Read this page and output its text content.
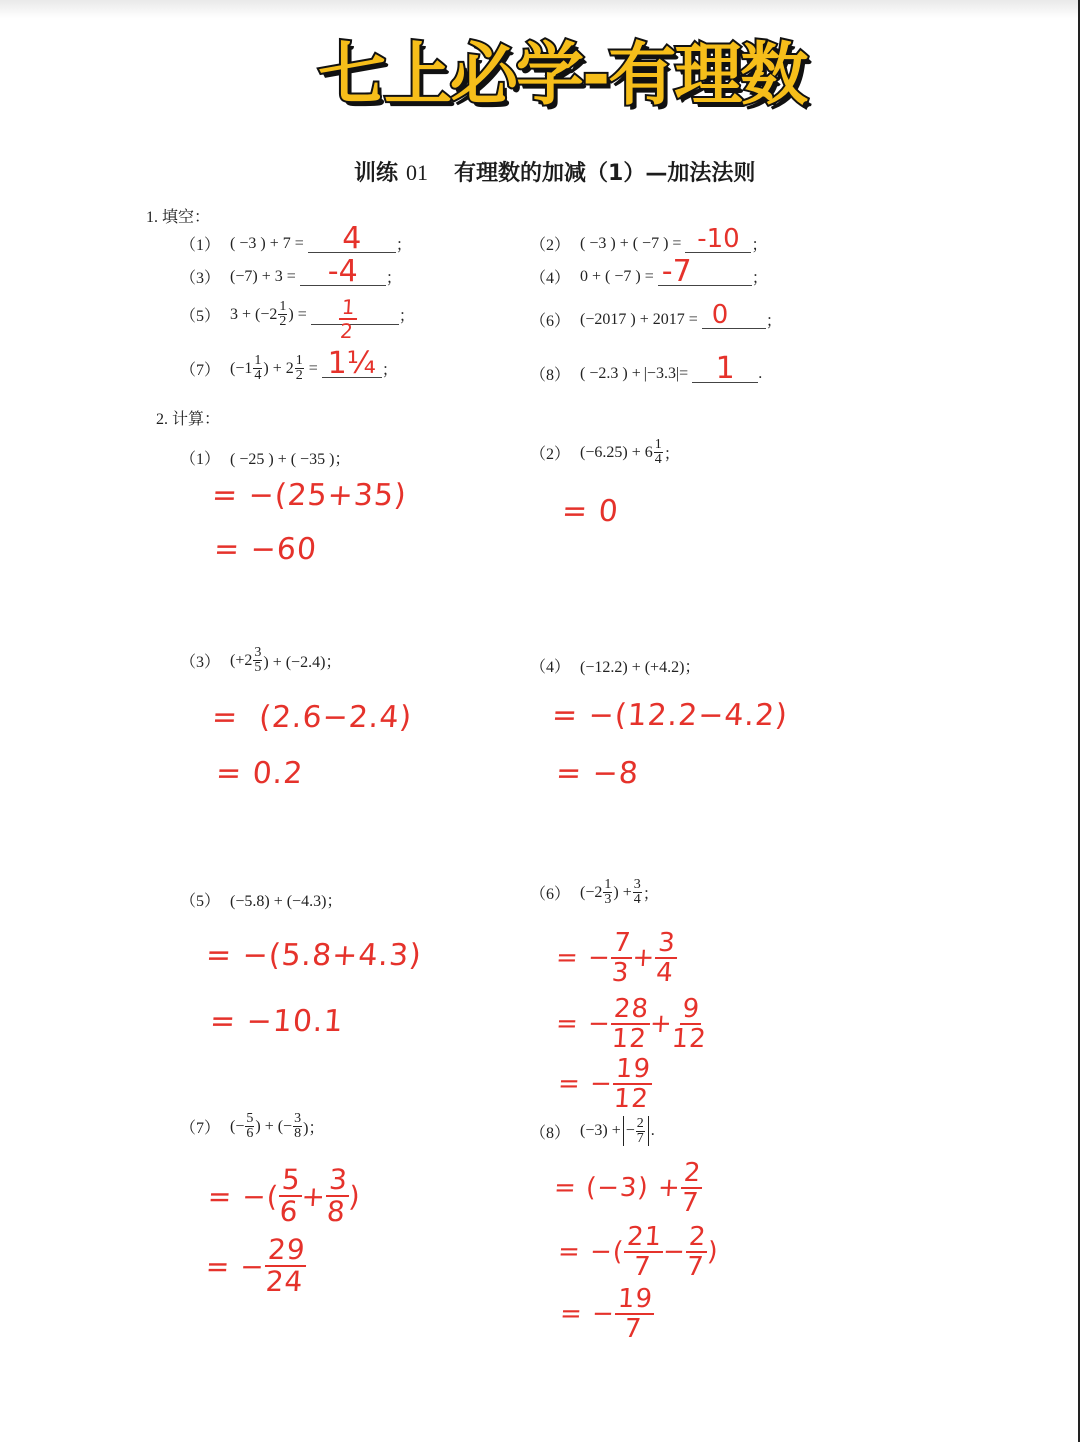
七上必学-有理数
训练 01 有理数的加减（1）—加法法则
1. 填空：
（1） ( −3 ) + 7 =	4	；	（2） ( −3 ) + ( −7 ) = -10 ；
（3） (−7) + 3 =	-4	；	（4） 0 + ( −7 ) = -7	；
（5） $3 + (-2 \frac{1}{2}$ ) = $\frac{1}{2}$	；	（6） (−2017 ) + 2017 = 0	；
（7） ($-1 \frac{1}{4}$ ) + $2 \frac{1}{2}$ = 1¼ ；	（8） ( −2.3 ) + |−3.3| = 1	.
2. 计算：
（1） ( −25 ) + ( −35 )；
= −(25+35)
= −60
（2） $(-6.25) + 6 \frac{1}{4}$ ；
= 0
（3） ($+2 \frac{3}{5}$ ) + (−2.4)；
=  (2.6−2.4)
= 0.2
（4） (−12.2) + (+4.2)；
= −(12.2−4.2)
= −8
（5） (−5.8) + (−4.3)；
= −(5.8+4.3)
= −10.1
（6） ($-2 \frac{1}{3}$ ) + $\frac{3}{4}$ ；
= −
$\frac{7}{3}$
+
$\frac{3}{4}$
= −
$\frac{28}{12}$
+
$\frac{9}{12}$
= −
$\frac{19}{12}$
（7） (− $\frac{5}{6}$ ) + (− $\frac{3}{8}$ )；
= −(
$\frac{5}{6}$
+
$\frac{3}{8}$
)
= −
$\frac{29}{24}$
（8） (−3) + − $\frac{2}{7}$ .
= (−3) +
$\frac{2}{7}$
= −(
$\frac{21}{7}$
−
$\frac{2}{7}$
)
= −
$\frac{19}{7}$
